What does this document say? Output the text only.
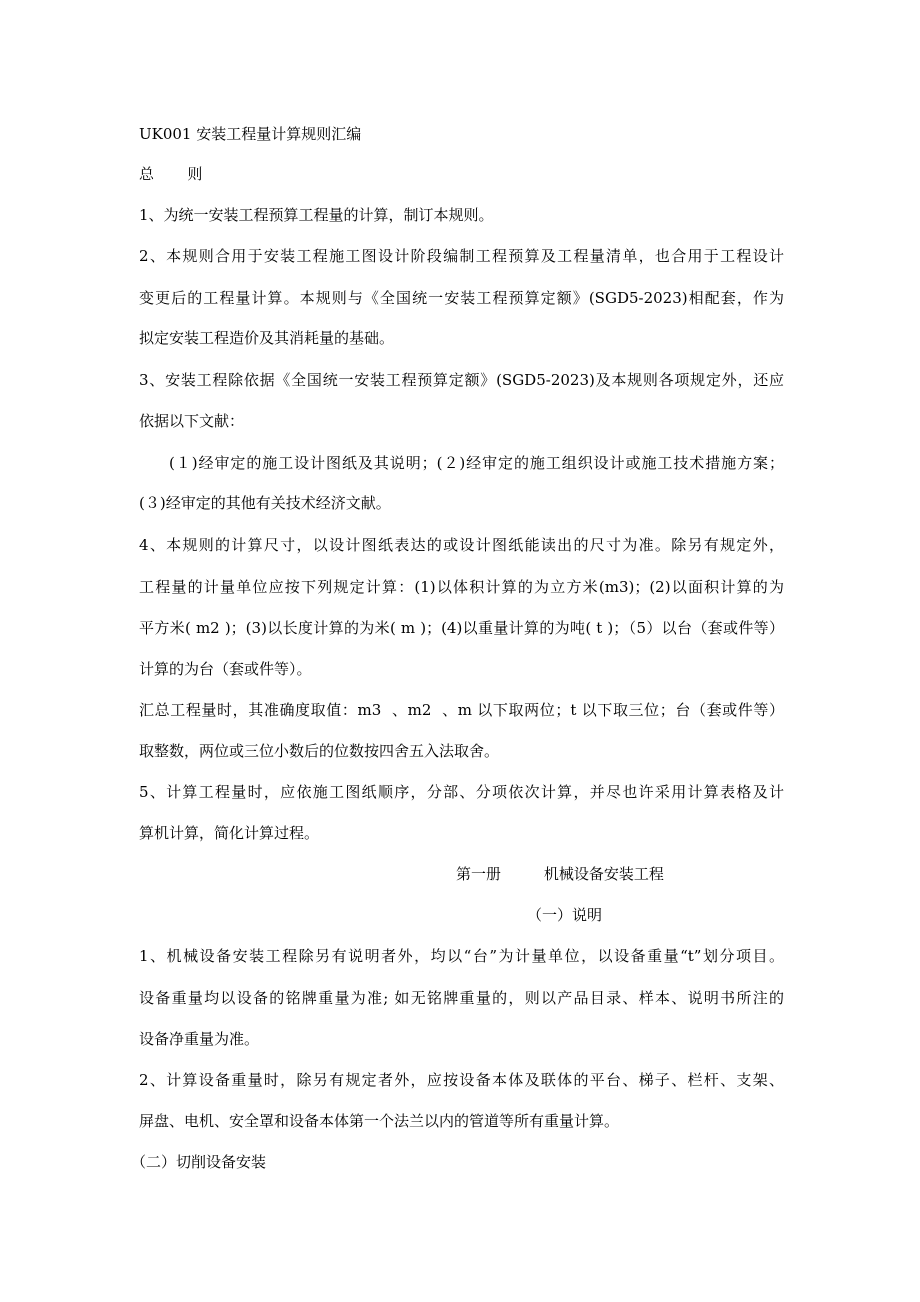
UK001 安装工程量计算规则汇编
总       则
1、为统一安装工程预算工程量的计算，制订本规则。
2、本规则合用于安装工程施工图设计阶段编制工程预算及工程量清单，也合用于工程设计
变更后的工程量计算。本规则与《全国统一安装工程预算定额》(SGD5-2023)相配套，作为
拟定安装工程造价及其消耗量的基础。
3、安装工程除依据《全国统一安装工程预算定额》(SGD5-2023)及本规则各项规定外，还应
依据以下文献：
(１)经审定的施工设计图纸及其说明；(２)经审定的施工组织设计或施工技术措施方案；
(３)经审定的其他有关技术经济文献。
4、本规则的计算尺寸，以设计图纸表达的或设计图纸能读出的尺寸为准。除另有规定外，
工程量的计量单位应按下列规定计算：(1)以体积计算的为立方米(m3)；(2)以面积计算的为
平方米( m2 )；(3)以长度计算的为米( m )；(4)以重量计算的为吨( t )；（5）以台（套或件等）
计算的为台（套或件等）。
汇总工程量时，其准确度取值：m3  、m2  、m 以下取两位；t 以下取三位；台（套或件等）
取整数，两位或三位小数后的位数按四舍五入法取舍。
5、计算工程量时，应依施工图纸顺序，分部、分项依次计算，并尽也许采用计算表格及计
算机计算，简化计算过程。
第一册         机械设备安装工程
（一）说明
1、机械设备安装工程除另有说明者外，均以“台”为计量单位，以设备重量“t”划分项目。
设备重量均以设备的铭牌重量为准; 如无铭牌重量的，则以产品目录、样本、说明书所注的
设备净重量为准。
2、计算设备重量时，除另有规定者外，应按设备本体及联体的平台、梯子、栏杆、支架、
屏盘、电机、安全罩和设备本体第一个法兰以内的管道等所有重量计算。
（二）切削设备安装
